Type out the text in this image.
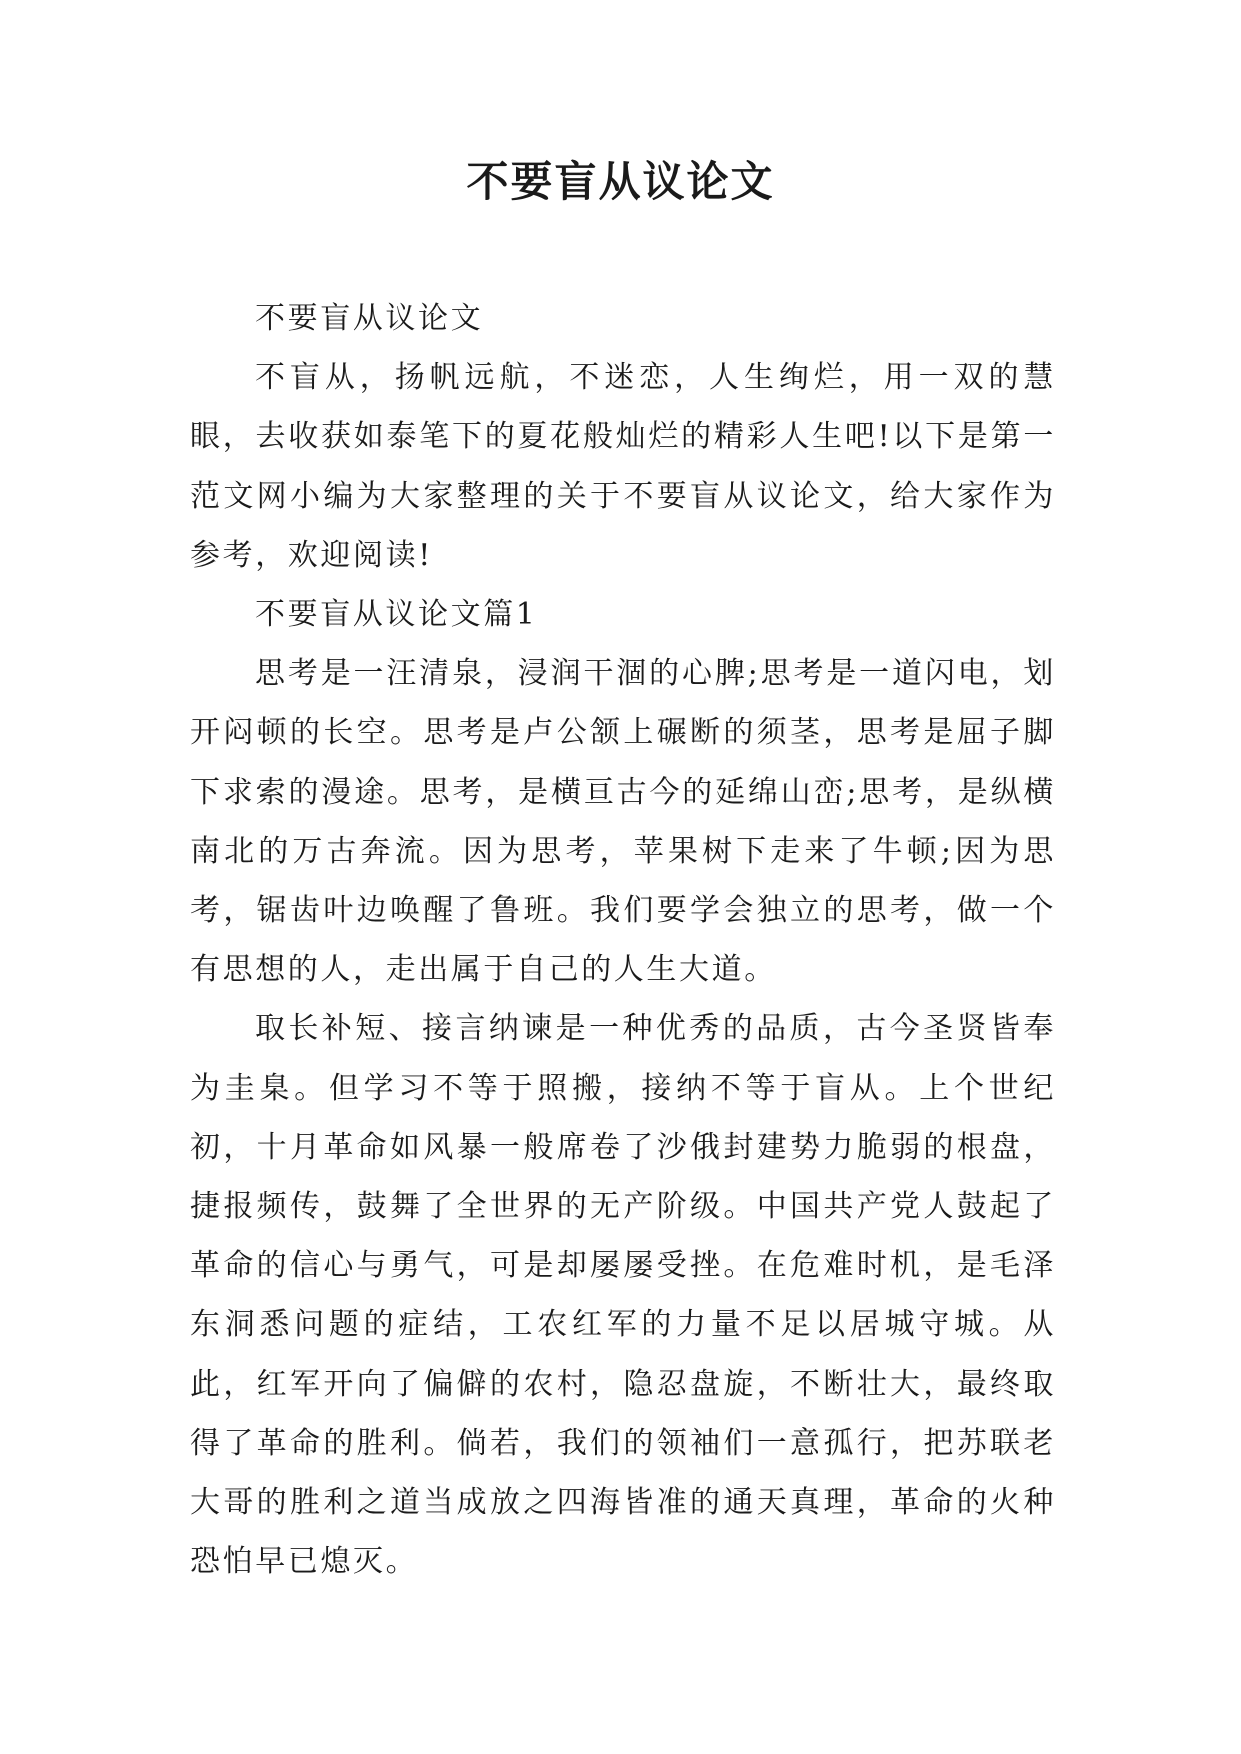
不要盲从议论文

不要盲从议论文

不盲从，扬帆远航，不迷恋，人生绚烂，用一双的慧眼，去收获如泰笔下的夏花般灿烂的精彩人生吧!以下是第一范文网小编为大家整理的关于不要盲从议论文，给大家作为参考，欢迎阅读!

不要盲从议论文篇1

思考是一汪清泉，浸润干涸的心脾;思考是一道闪电，划开闷顿的长空。思考是卢公颔上碾断的须茎，思考是屈子脚下求索的漫途。思考，是横亘古今的延绵山峦;思考，是纵横南北的万古奔流。因为思考，苹果树下走来了牛顿;因为思考，锯齿叶边唤醒了鲁班。我们要学会独立的思考，做一个有思想的人，走出属于自己的人生大道。

取长补短、接言纳谏是一种优秀的品质，古今圣贤皆奉为圭臬。但学习不等于照搬，接纳不等于盲从。上个世纪初，十月革命如风暴一般席卷了沙俄封建势力脆弱的根盘，捷报频传，鼓舞了全世界的无产阶级。中国共产党人鼓起了革命的信心与勇气，可是却屡屡受挫。在危难时机，是毛泽东洞悉问题的症结，工农红军的力量不足以居城守城。从此，红军开向了偏僻的农村，隐忍盘旋，不断壮大，最终取得了革命的胜利。倘若，我们的领袖们一意孤行，把苏联老大哥的胜利之道当成放之四海皆准的通天真理，革命的火种恐怕早已熄灭。
